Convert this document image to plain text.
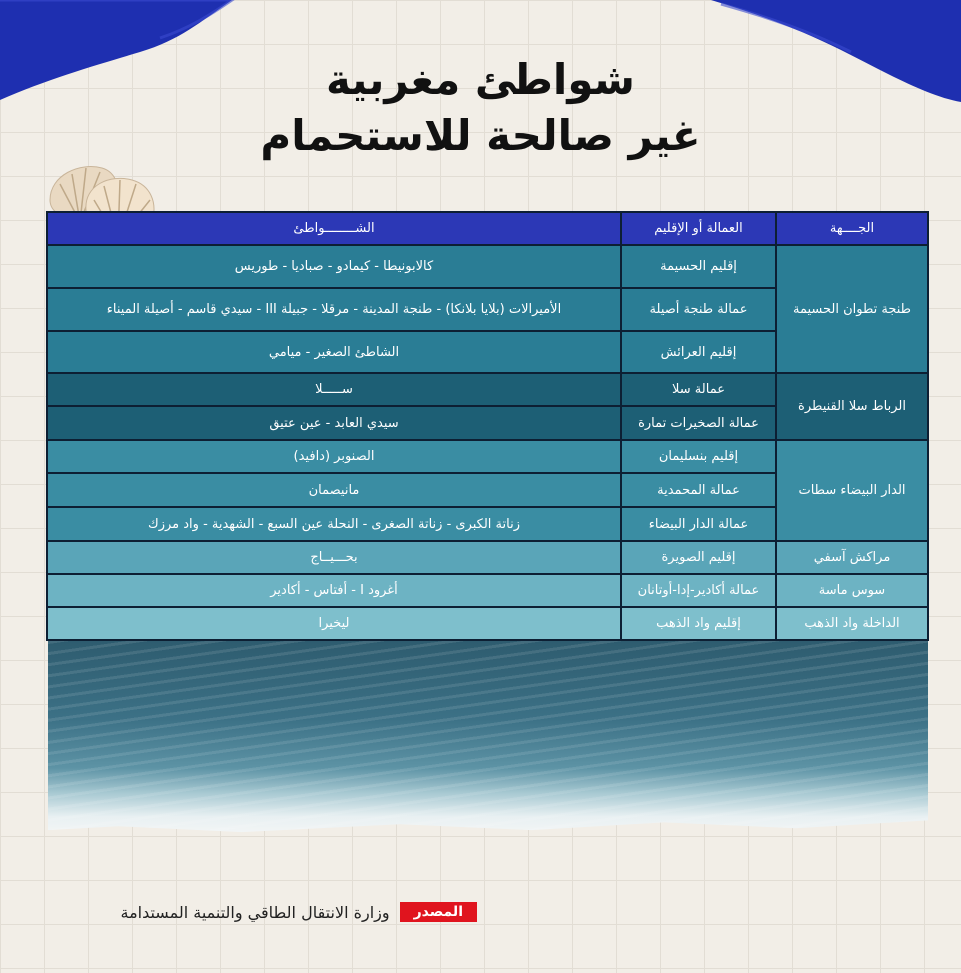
شواطئ مغربية
غير صالحة للاستحمام
الجــــهة	العمالة أو الإقليم	الشــــــــواطئ
طنجة تطوان الحسيمة	إقليم الحسيمة	كالابونيطا - كيمادو - صباديا - طوريس
	عمالة طنجة أصيلة	الأميرالات (بلايا بلانكا) - طنجة المدينة - مرقلا - جبيلة III - سيدي قاسم - أصيلة الميناء
	إقليم العرائش	الشاطئ الصغير - ميامي
الرباط سلا القنيطرة	عمالة سلا	ســـــلا
	عمالة الصخيرات تمارة	سيدي العابد - عين عتيق
الدار البيضاء سطات	إقليم بنسليمان	الصنوبر (دافيد)
	عمالة المحمدية	مانيصمان
	عمالة الدار البيضاء	زناتة الكبرى - زناتة الصغرى - النحلة عين السبع - الشهدية - واد مرزك
مراكش آسفي	إقليم الصويرة	بحـــيــاج
سوس ماسة	عمالة أكادير-إدا-أوتانان	أغرود I - أفتاس - أكادير
الداخلة واد الذهب	إقليم واد الذهب	ليخيرا
المصدر
وزارة الانتقال الطاقي والتنمية المستدامة
